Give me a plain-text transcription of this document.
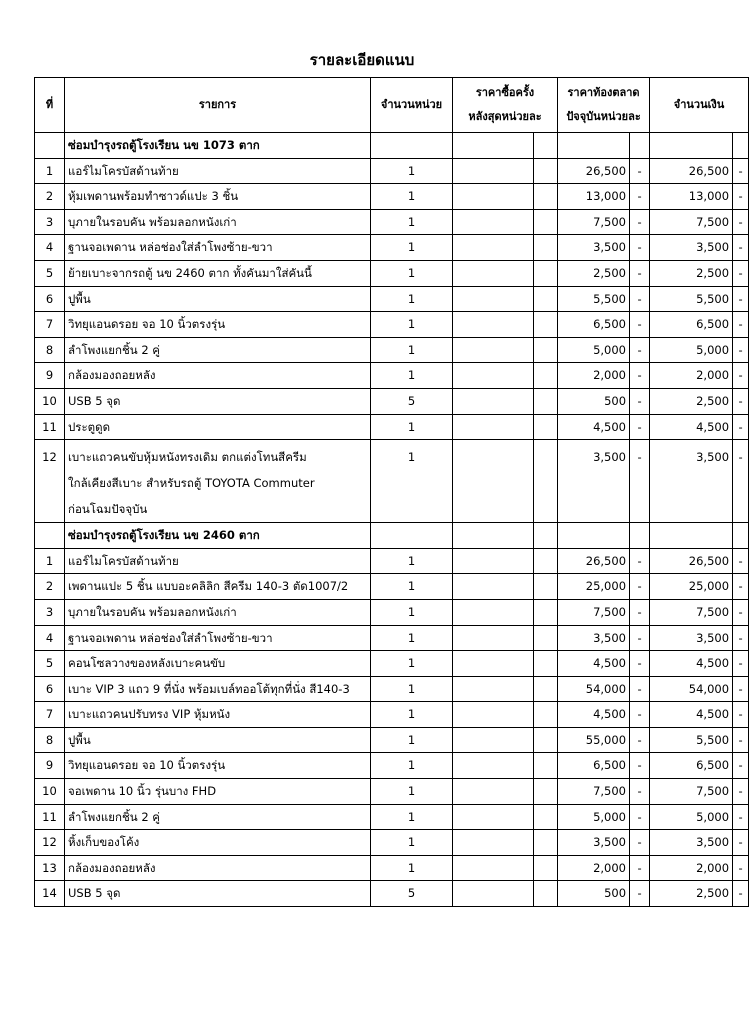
รายละเอียดแนบ
ที่	รายการ	จำนวนหน่วย	ราคาซื้อครั้ง
หลังสุดหน่วยละ		ราคาท้องตลาด
ปัจจุบันหน่วยละ		จำนวนเงิน	
	ซ่อมบำรุงรถตู้โรงเรียน นข 1073 ตาก							
1	แอร์ไมโครบัสด้านท้าย	1			26,500	-	26,500	-
2	หุ้มเพดานพร้อมทำซาวด์แปะ 3 ชิ้น	1			13,000	-	13,000	-
3	บุภายในรอบคัน พร้อมลอกหนังเก่า	1			7,500	-	7,500	-
4	ฐานจอเพดาน หล่อช่องใส่ลำโพงซ้าย-ขวา	1			3,500	-	3,500	-
5	ย้ายเบาะจากรถตู้ นข 2460 ตาก ทั้งคันมาใส่คันนี้	1			2,500	-	2,500	-
6	ปูพื้น	1			5,500	-	5,500	-
7	วิทยุแอนดรอย จอ 10 นิ้วตรงรุ่น	1			6,500	-	6,500	-
8	ลำโพงแยกชิ้น 2 คู่	1			5,000	-	5,000	-
9	กล้องมองถอยหลัง	1			2,000	-	2,000	-
10	USB 5 จุด	5			500	-	2,500	-
11	ประตูดูด	1			4,500	-	4,500	-
12	เบาะแถวคนขับหุ้มหนังทรงเดิม ตกแต่งโทนสีครีม
ใกล้เคียงสีเบาะ สำหรับรถตู้ TOYOTA Commuter
ก่อนโฉมปัจจุบัน	1			3,500	-	3,500	-
	ซ่อมบำรุงรถตู้โรงเรียน นข 2460 ตาก							
1	แอร์ไมโครบัสด้านท้าย	1			26,500	-	26,500	-
2	เพดานแปะ 5 ชิ้น แบบอะคลิลิก สีครีม 140-3 ตัด1007/2	1			25,000	-	25,000	-
3	บุภายในรอบคัน พร้อมลอกหนังเก่า	1			7,500	-	7,500	-
4	ฐานจอเพดาน หล่อช่องใส่ลำโพงซ้าย-ขวา	1			3,500	-	3,500	-
5	คอนโซลวางของหลังเบาะคนขับ	1			4,500	-	4,500	-
6	เบาะ VIP 3 แถว 9 ที่นั่ง พร้อมเบล์ทออโต้ทุกที่นั่ง สี140-3	1			54,000	-	54,000	-
7	เบาะแถวคนปรับทรง VIP หุ้มหนัง	1			4,500	-	4,500	-
8	ปูพื้น	1			55,000	-	5,500	-
9	วิทยุแอนดรอย จอ 10 นิ้วตรงรุ่น	1			6,500	-	6,500	-
10	จอเพดาน 10 นิ้ว รุ่นบาง FHD	1			7,500	-	7,500	-
11	ลำโพงแยกชิ้น 2 คู่	1			5,000	-	5,000	-
12	หิ้งเก็บของโค้ง	1			3,500	-	3,500	-
13	กล้องมองถอยหลัง	1			2,000	-	2,000	-
14	USB 5 จุด	5			500	-	2,500	-
